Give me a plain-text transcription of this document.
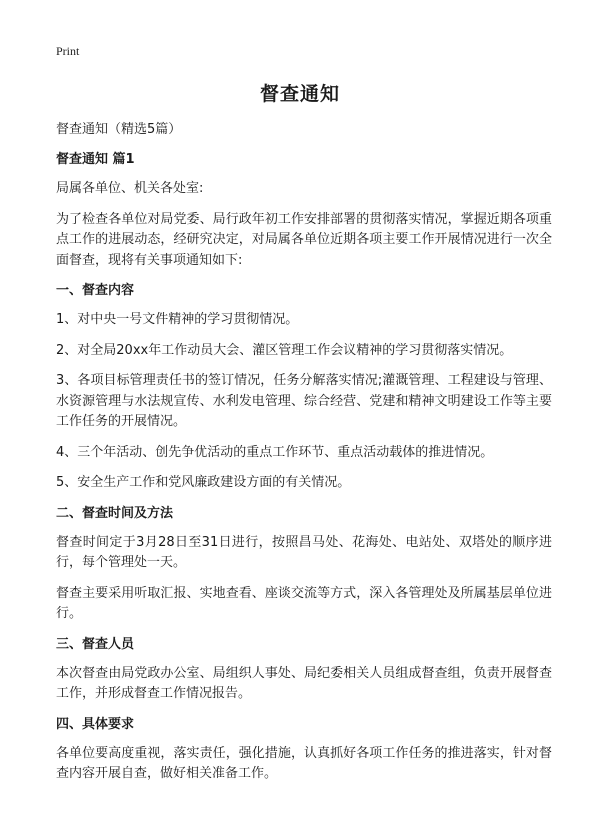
Print
督查通知

督查通知（精选5篇）

督查通知 篇1

局属各单位、机关各处室:

为了检查各单位对局党委、局行政年初工作安排部署的贯彻落实情况，掌握近期各项重点工作的进展动态，经研究决定，对局属各单位近期各项主要工作开展情况进行一次全面督查，现将有关事项通知如下:

一、督查内容

1、对中央一号文件精神的学习贯彻情况。

2、对全局20xx年工作动员大会、灌区管理工作会议精神的学习贯彻落实情况。

3、各项目标管理责任书的签订情况，任务分解落实情况;灌溉管理、工程建设与管理、水资源管理与水法规宣传、水利发电管理、综合经营、党建和精神文明建设工作等主要工作任务的开展情况。

4、三个年活动、创先争优活动的重点工作环节、重点活动载体的推进情况。

5、安全生产工作和党风廉政建设方面的有关情况。

二、督查时间及方法

督查时间定于3月28日至31日进行，按照昌马处、花海处、电站处、双塔处的顺序进行，每个管理处一天。

督查主要采用听取汇报、实地查看、座谈交流等方式，深入各管理处及所属基层单位进行。

三、督查人员

本次督查由局党政办公室、局组织人事处、局纪委相关人员组成督查组，负责开展督查工作，并形成督查工作情况报告。

四、具体要求

各单位要高度重视，落实责任，强化措施，认真抓好各项工作任务的推进落实，针对督查内容开展自查，做好相关准备工作。
